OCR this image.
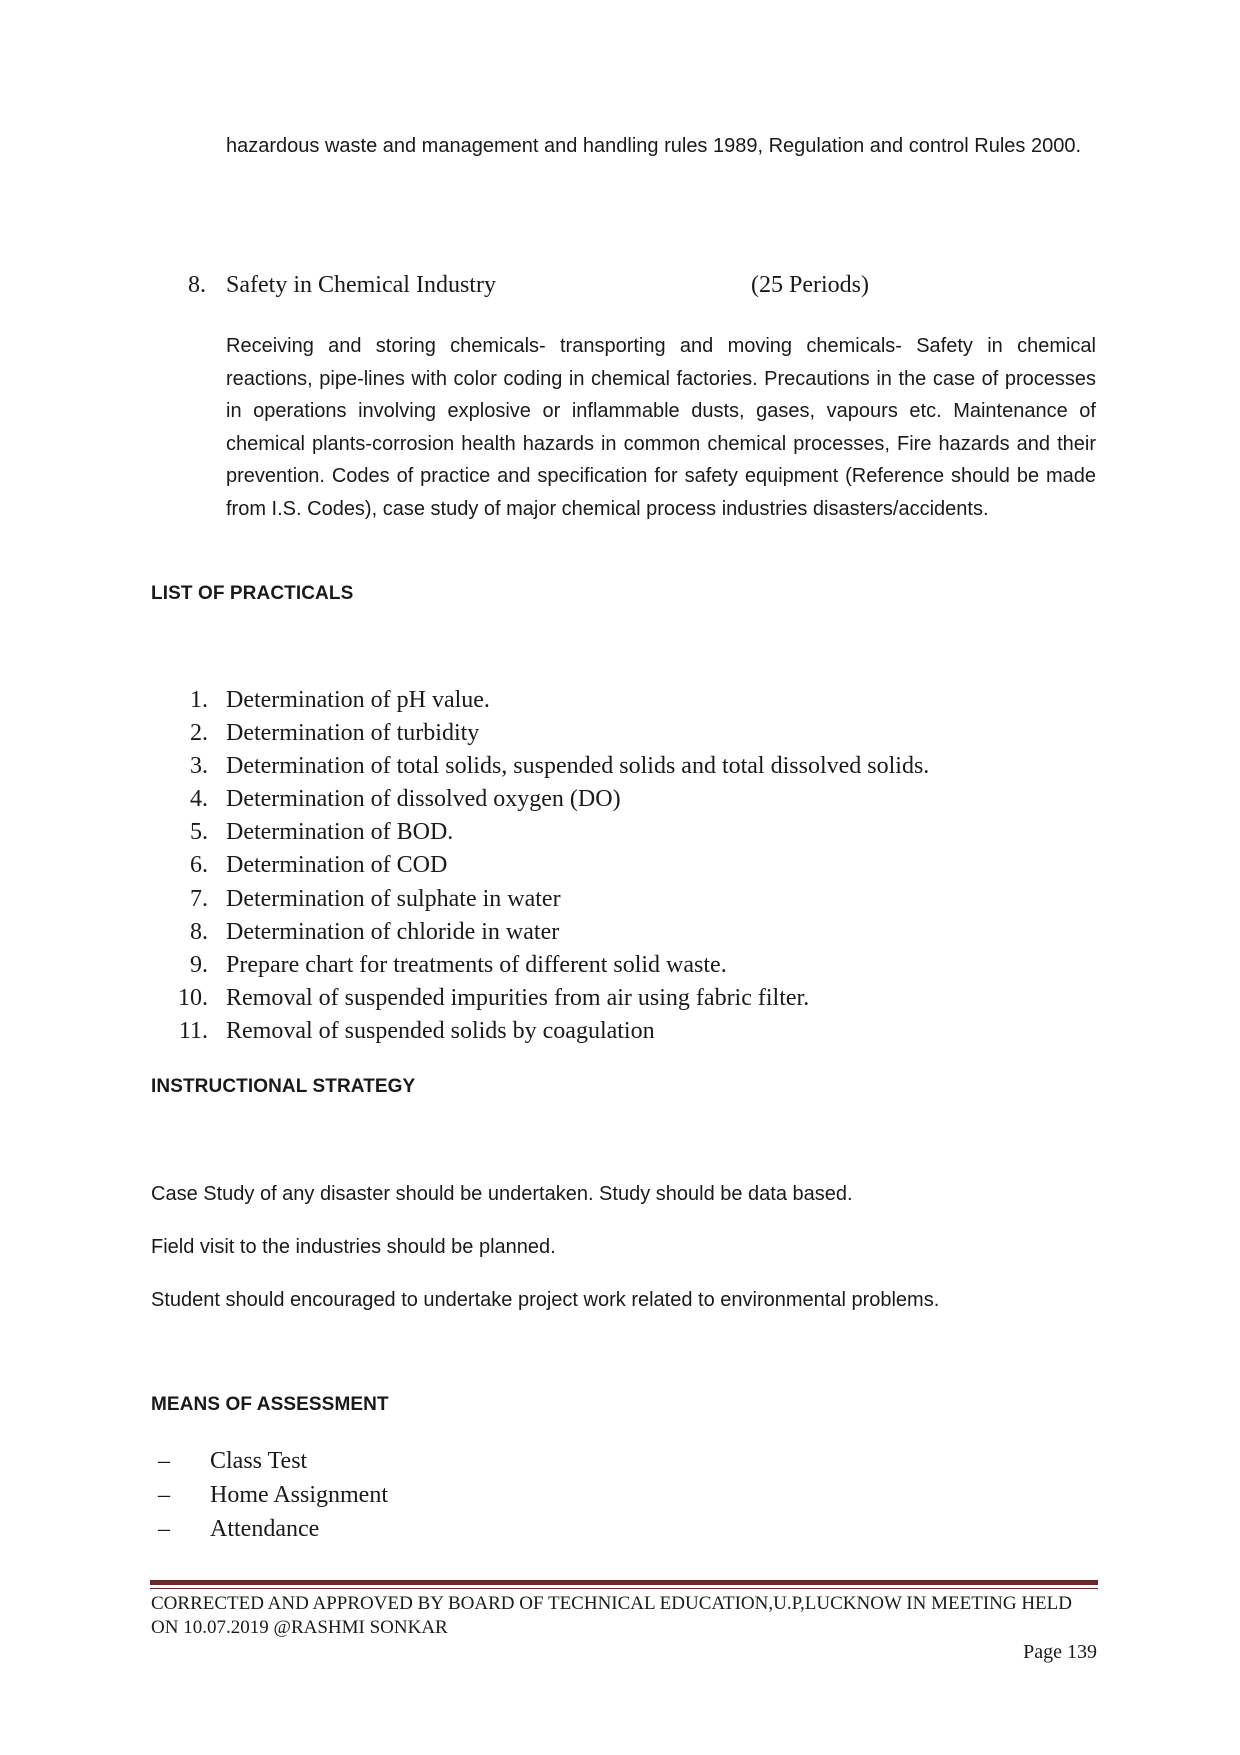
hazardous waste and management and handling rules 1989, Regulation and control Rules 2000.

8. Safety in Chemical Industry	(25 Periods)

Receiving and storing chemicals- transporting and moving chemicals- Safety in chemical reactions, pipe-lines with color coding in chemical factories. Precautions in the case of processes in operations involving explosive or inflammable dusts, gases, vapours etc. Maintenance of chemical plants-corrosion health hazards in common chemical processes, Fire hazards and their prevention. Codes of practice and specification for safety equipment (Reference should be made from I.S. Codes), case study of major chemical process industries disasters/accidents.

LIST OF PRACTICALS
1. Determination of pH value.
2. Determination of turbidity
3. Determination of total solids, suspended solids and total dissolved solids.
4. Determination of dissolved oxygen (DO)
5. Determination of BOD.
6. Determination of COD
7. Determination of sulphate in water
8. Determination of chloride in water
9. Prepare chart for treatments of different solid waste.
10. Removal of suspended impurities from air using fabric filter.
11. Removal of suspended solids by coagulation
INSTRUCTIONAL STRATEGY

Case Study of any disaster should be undertaken. Study should be data based.

Field visit to the industries should be planned.

Student should encouraged to undertake project work related to environmental problems.

MEANS OF ASSESSMENT
– Class Test
– Home Assignment
– Attendance

CORRECTED AND APPROVED BY BOARD OF TECHNICAL EDUCATION,U.P,LUCKNOW IN MEETING HELD ON 10.07.2019 @RASHMI SONKAR

Page 139
